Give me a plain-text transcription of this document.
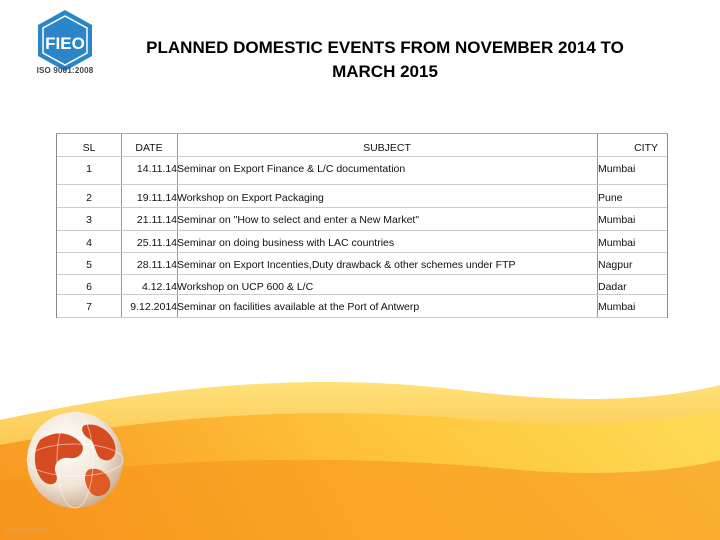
FIEO
ISO 9001:2008
PLANNED DOMESTIC EVENTS FROM NOVEMBER 2014 TO
MARCH 2015
SL	DATE	SUBJECT	CITY
1	14.11.14 Seminar on Export Finance & L/C documentation	Mumbai
2	19.11.14 Workshop on Export Packaging	Pune
3	21.11.14 Seminar on "How to select and enter a New Market"	Mumbai
4	25.11.14 Seminar on doing business with LAC countries	Mumbai
5	28.11.14 Seminar on Export Incenties,Duty drawback & other schemes under FTP	Nagpur
6	4.12.14 Workshop on UCP 600 & L/C	Dadar
7	9.12.2014 Seminar on facilities available at the Port of Antwerp	Mumbai
fppt.com
